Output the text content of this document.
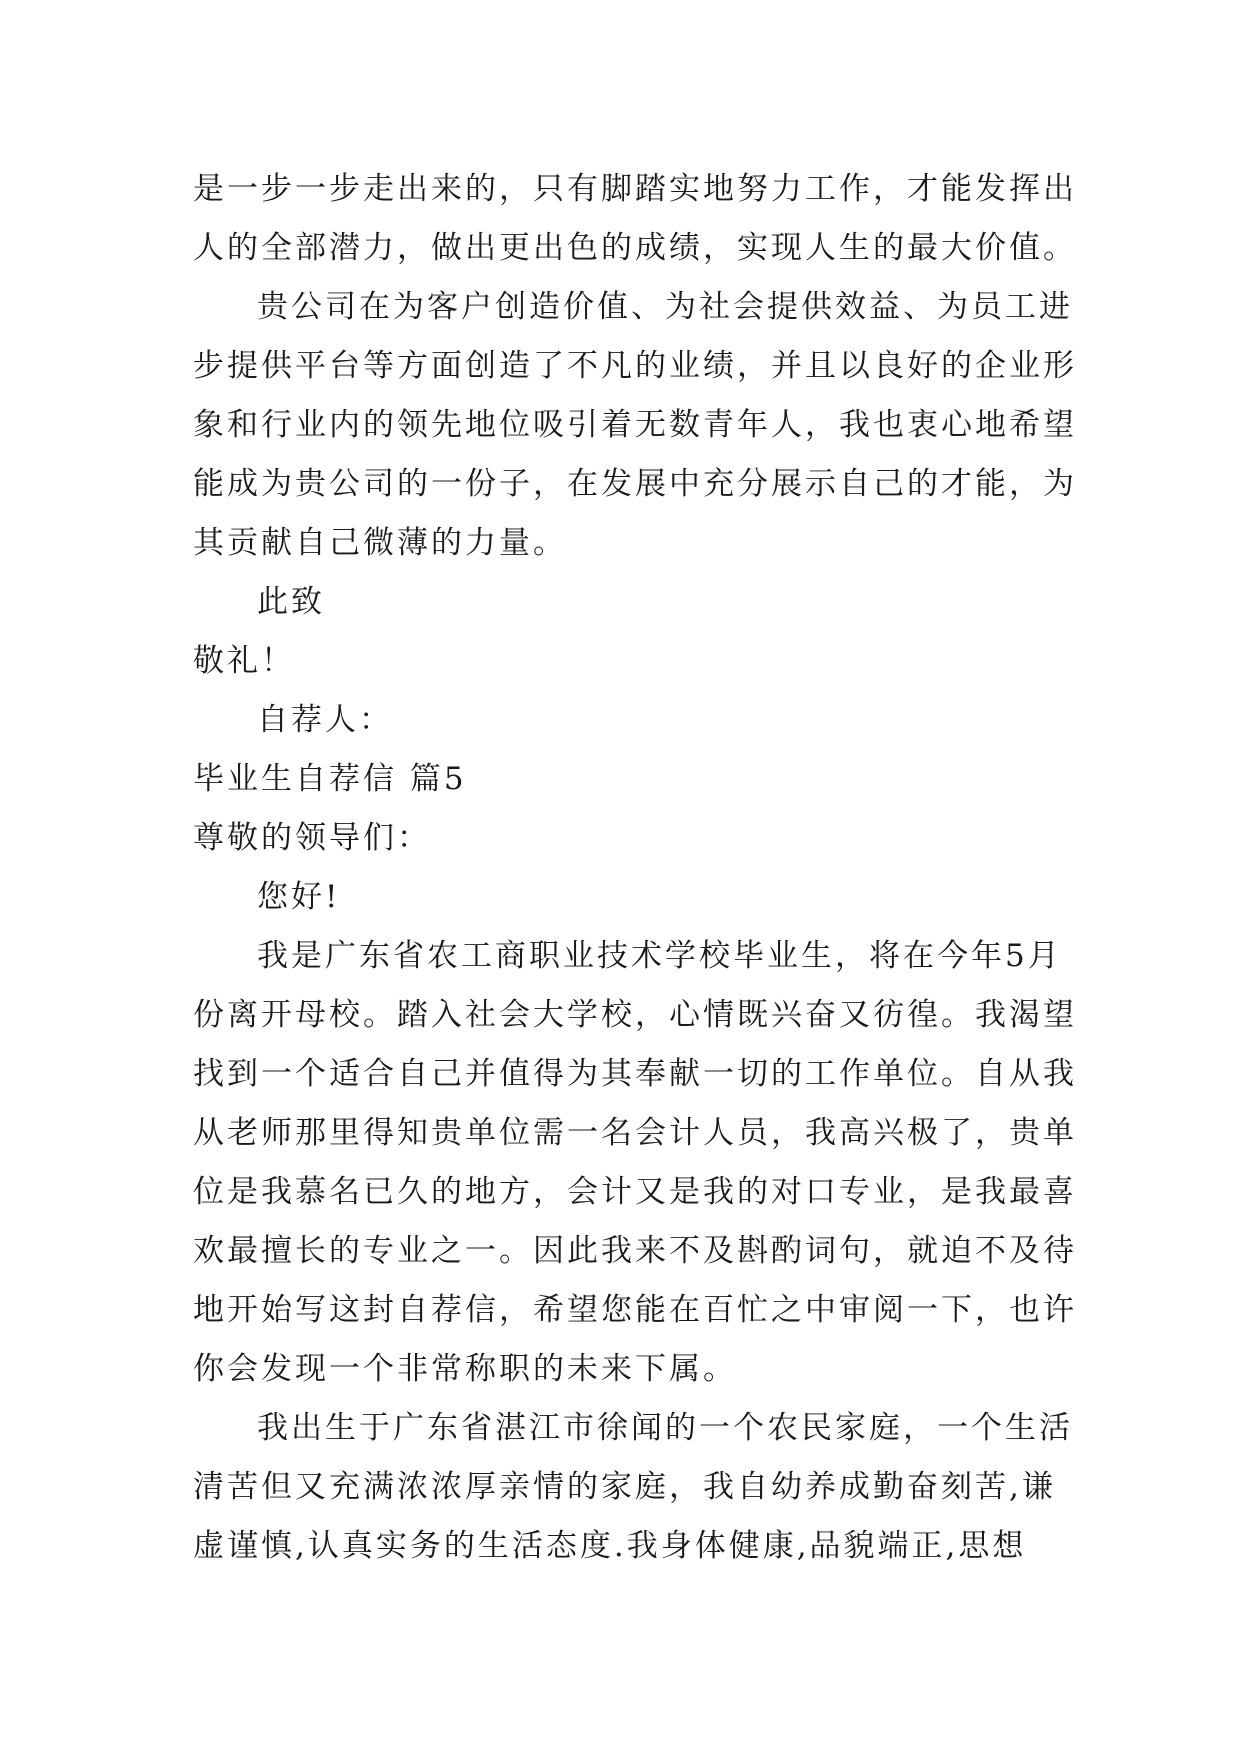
是一步一步走出来的，只有脚踏实地努力工作，才能发挥出
人的全部潜力，做出更出色的成绩，实现人生的最大价值。
贵公司在为客户创造价值、为社会提供效益、为员工进
步提供平台等方面创造了不凡的业绩，并且以良好的企业形
象和行业内的领先地位吸引着无数青年人，我也衷心地希望
能成为贵公司的一份子，在发展中充分展示自己的才能，为
其贡献自己微薄的力量。
此致
敬礼！
自荐人：
毕业生自荐信 篇5
尊敬的领导们：
您好!
我是广东省农工商职业技术学校毕业生，将在今年5月
份离开母校。踏入社会大学校，心情既兴奋又彷徨。我渴望
找到一个适合自己并值得为其奉献一切的工作单位。自从我
从老师那里得知贵单位需一名会计人员，我高兴极了，贵单
位是我慕名已久的地方，会计又是我的对口专业，是我最喜
欢最擅长的专业之一。因此我来不及斟酌词句，就迫不及待
地开始写这封自荐信，希望您能在百忙之中审阅一下，也许
你会发现一个非常称职的未来下属。
我出生于广东省湛江市徐闻的一个农民家庭，一个生活
清苦但又充满浓浓厚亲情的家庭，我自幼养成勤奋刻苦,谦
虚谨慎,认真实务的生活态度.我身体健康,品貌端正,思想
